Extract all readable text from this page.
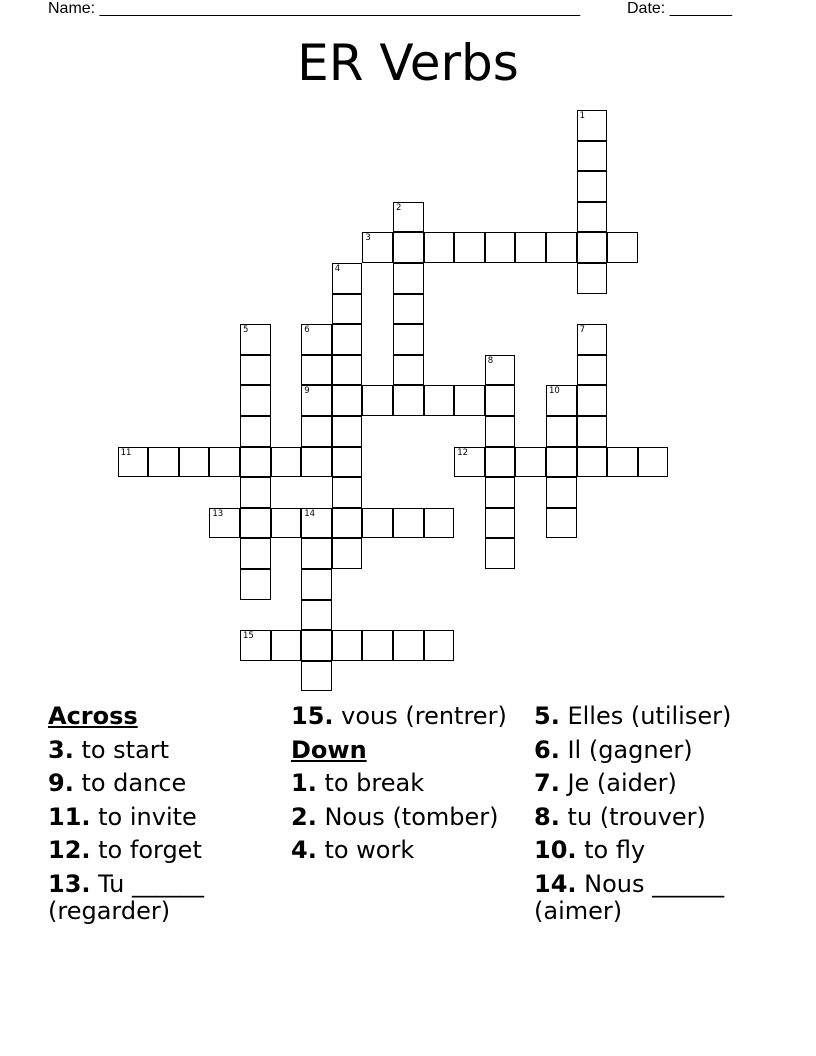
Name: ______________________________________________________	Date: _______
ER Verbs
1
2
3
4
5	6
9
7
8
10
11	12
13	14
15
Across
3. to start
9. to dance
11. to invite
12. to forget
13. Tu ______ (regarder)
15. vous (rentrer)
Down
1. to break
2. Nous (tomber)
4. to work
5. Elles (utiliser)
6. Il (gagner)
7. Je (aider)
8. tu (trouver)
10. to fly
14. Nous ______ (aimer)
